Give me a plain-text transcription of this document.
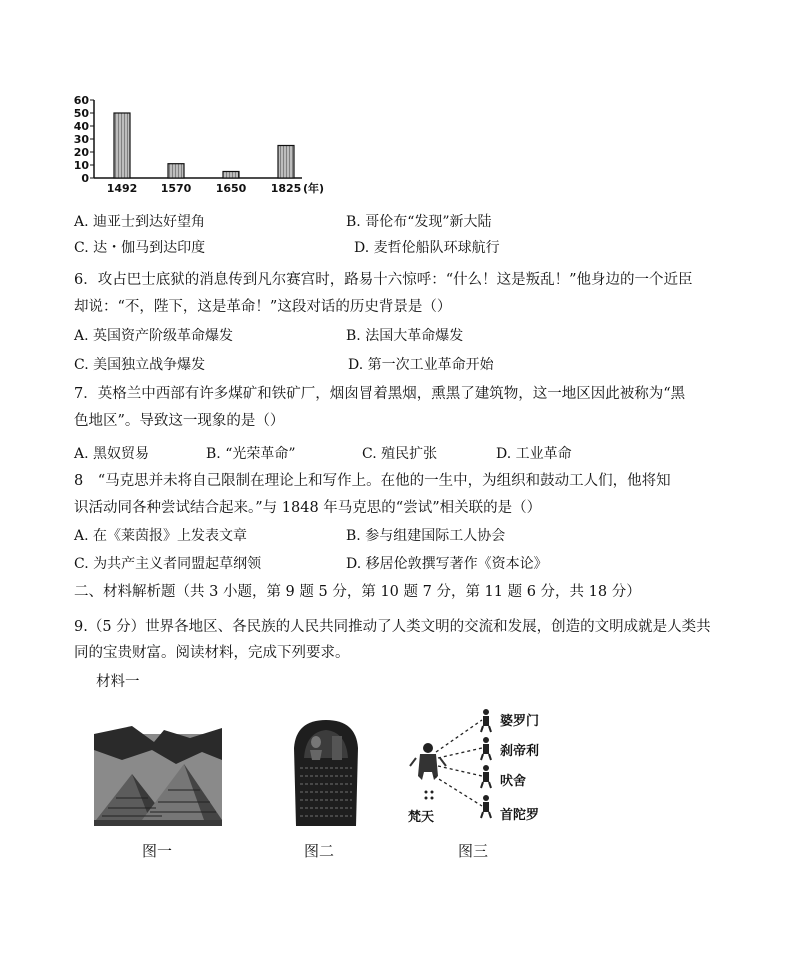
60
50
40
30
20
10
0
1492 1570 1650 1825 (年)
A. 迪亚士到达好望角	B. 哥伦布“发现”新大陆
C. 达・伽马到达印度	D. 麦哲伦船队环球航行
6．攻占巴士底狱的消息传到凡尔赛宫时，路易十六惊呼：“什么！这是叛乱！”他身边的一个近臣
却说：“不，陛下，这是革命！”这段对话的历史背景是（）
A. 英国资产阶级革命爆发	B. 法国大革命爆发
C. 美国独立战争爆发	D. 第一次工业革命开始
7．英格兰中西部有许多煤矿和铁矿厂，烟囱冒着黑烟，熏黑了建筑物，这一地区因此被称为“黑
色地区”。导致这一现象的是（）
A. 黑奴贸易	B. “光荣革命”	C. 殖民扩张	D. 工业革命
8　“马克思并未将自己限制在理论上和写作上。在他的一生中，为组织和鼓动工人们，他将知
识活动同各种尝试结合起来。”与 1848 年马克思的“尝试”相关联的是（）
A. 在《莱茵报》上发表文章	B. 参与组建国际工人协会
C. 为共产主义者同盟起草纲领	D. 移居伦敦撰写著作《资本论》
二、材料解析题（共 3 小题，第 9 题 5 分，第 10 题 7 分，第 11 题 6 分，共 18 分）
9.（5 分）世界各地区、各民族的人民共同推动了人类文明的交流和发展，创造的文明成就是人类共
同的宝贵财富。阅读材料，完成下列要求。
材料一
图一	图二
婆罗门
刹帝利
吠舍
首陀罗
梵天
图三
